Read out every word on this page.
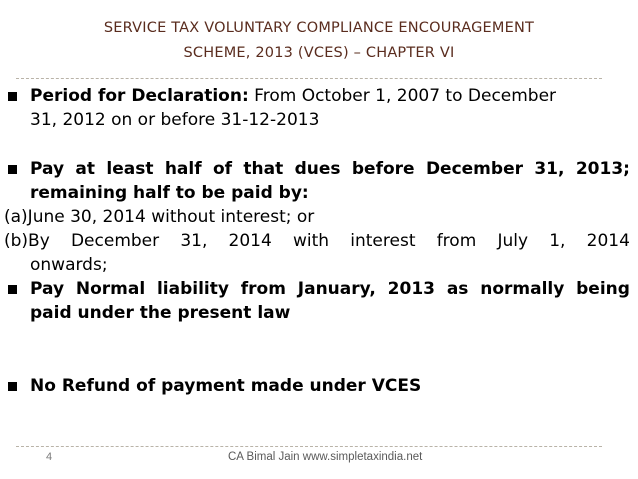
SERVICE TAX VOLUNTARY COMPLIANCE ENCOURAGEMENT
SCHEME, 2013 (VCES) – CHAPTER VI
Period for Declaration: From October 1, 2007 to December
31, 2012 on or before 31-12-2013
Pay at least half of that dues before December 31, 2013;
remaining half to be paid by:
(a)June 30, 2014 without interest; or
(b)By December 31, 2014 with interest from July 1, 2014
onwards;
Pay Normal liability from January, 2013 as normally being
paid under the present law
No Refund of payment made under VCES
4	CA Bimal Jain www.simpletaxindia.net
